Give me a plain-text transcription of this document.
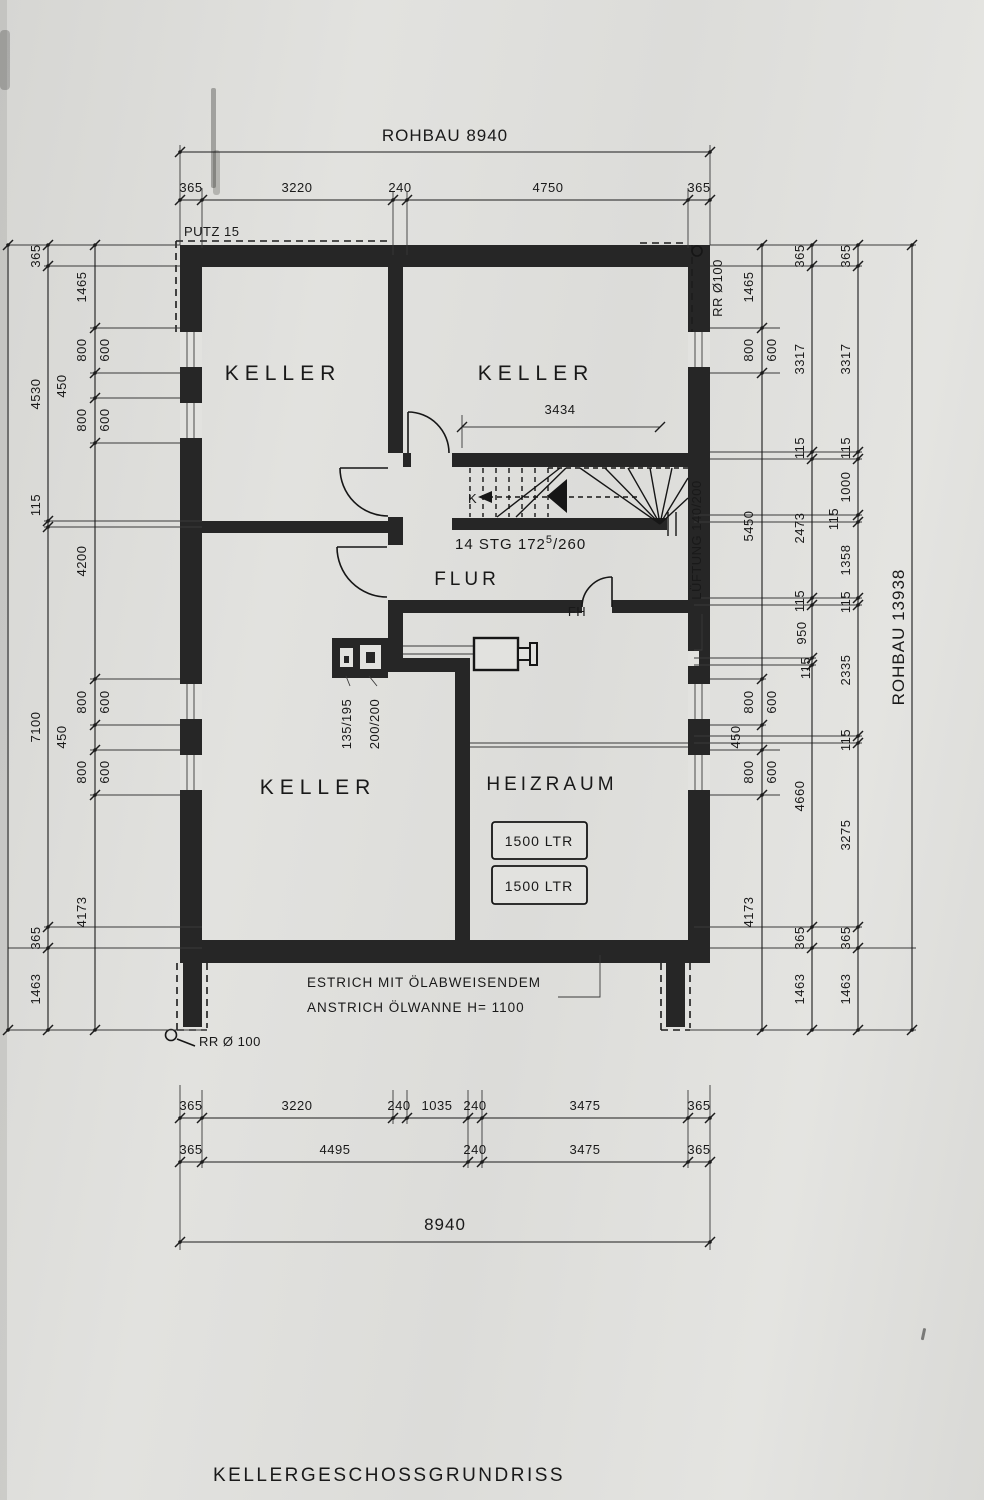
ROHBAU 8940
PUTZ 15
365	3220	240	4750	365
365	3220	240 1035 240	3475	365
365	4495	240	3475	365
8940
365
4530
115
7100
365
1463
1465
800
450
800
4200
800
450
800
4173
600
600
600
600
1465
800
5450
800
450
800
4173
600
600
600
365
3317
115
2473
115
950
115
4660
365
1463
365
3317
115
1000
115
1358
115
2335
115
3275
365
1463
ROHBAU 13938
KELLER	KELLER
KELLER
FLUR
HEIZRAUM
3434
14 STG $172^5/260$
K
FH
LÜFTUNG 140/200
135/195 200/200
1500 LTR
1500 LTR
ESTRICH MIT ÖLABWEISENDEM
ANSTRICH ÖLWANNE H= 1100
RR Ø100
RR Ø 100
KELLERGESCHOSSGRUNDRISS
